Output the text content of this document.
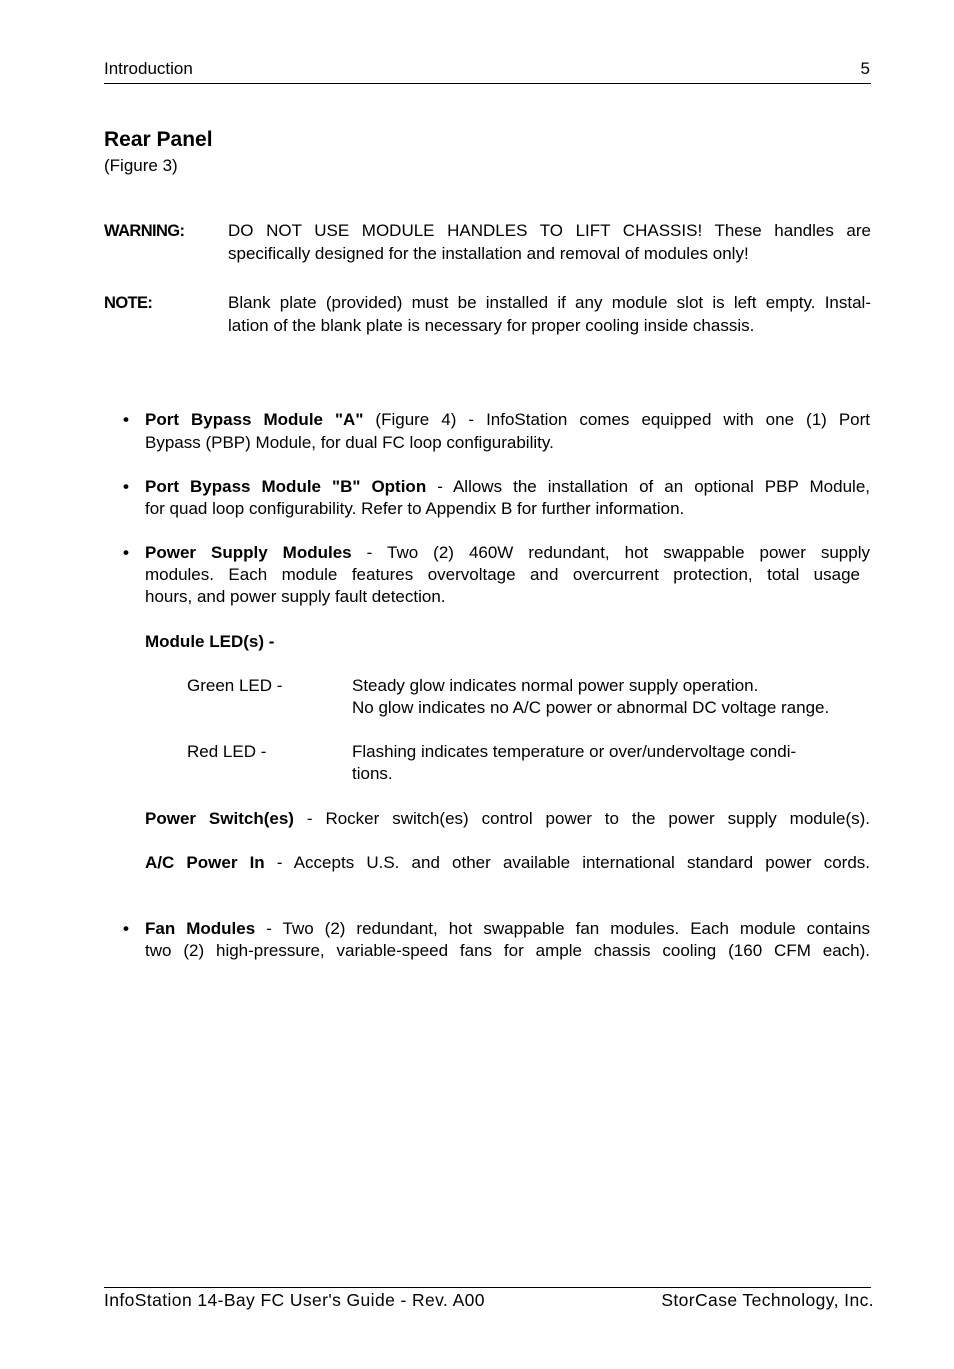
Introduction	5
Rear Panel
(Figure 3)
WARNING:	DO NOT USE MODULE HANDLES TO LIFT CHASSIS! These handles are
specifically designed for the installation and removal of modules only!
NOTE:	Blank plate (provided) must be installed if any module slot is left empty. Instal-
lation of the blank plate is necessary for proper cooling inside chassis.
• Port Bypass Module "A" (Figure 4) - InfoStation comes equipped with one (1) Port
Bypass (PBP) Module, for dual FC loop configurability.
• Port Bypass Module "B" Option - Allows the installation of an optional PBP Module,
for quad loop configurability. Refer to Appendix B for further information.
• Power Supply Modules - Two (2) 460W redundant, hot swappable power supply
modules. Each module features overvoltage and overcurrent protection, total usage
hours, and power supply fault detection.
Module LED(s) -
Green LED -	Steady glow indicates normal power supply operation.
No glow indicates no A/C power or abnormal DC voltage range.
Red LED -	Flashing indicates temperature or over/undervoltage condi-
tions.
Power Switch(es) - Rocker switch(es) control power to the power supply module(s).
A/C Power In - Accepts U.S. and other available international standard power cords.
• Fan Modules - Two (2) redundant, hot swappable fan modules. Each module contains
two (2) high-pressure, variable-speed fans for ample chassis cooling (160 CFM each).
InfoStation 14-Bay FC User's Guide - Rev. A00	StorCase Technology, Inc.
